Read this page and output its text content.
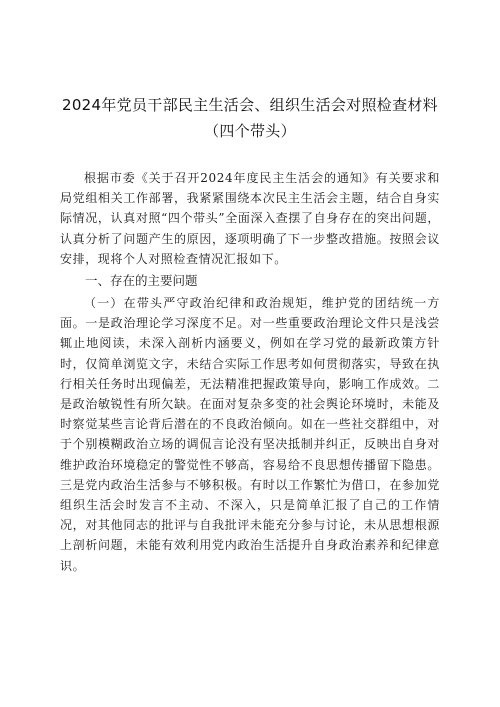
2024年党员干部民主生活会、组织生活会对照检查材料
（四个带头）

根据市委《关于召开2024年度民主生活会的通知》有关要求和局党组相关工作部署，我紧紧围绕本次民主生活会主题，结合自身实际情况，认真对照“四个带头”全面深入查摆了自身存在的突出问题，认真分析了问题产生的原因，逐项明确了下一步整改措施。按照会议安排，现将个人对照检查情况汇报如下。

一、存在的主要问题

（一）在带头严守政治纪律和政治规矩，维护党的团结统一方面。一是政治理论学习深度不足。对一些重要政治理论文件只是浅尝辄止地阅读，未深入剖析内涵要义，例如在学习党的最新政策方针时，仅简单浏览文字，未结合实际工作思考如何贯彻落实，导致在执行相关任务时出现偏差，无法精准把握政策导向，影响工作成效。二是政治敏锐性有所欠缺。在面对复杂多变的社会舆论环境时，未能及时察觉某些言论背后潜在的不良政治倾向。如在一些社交群组中，对于个别模糊政治立场的调侃言论没有坚决抵制并纠正，反映出自身对维护政治环境稳定的警觉性不够高，容易给不良思想传播留下隐患。三是党内政治生活参与不够积极。有时以工作繁忙为借口，在参加党组织生活会时发言不主动、不深入，只是简单汇报了自己的工作情况，对其他同志的批评与自我批评未能充分参与讨论，未从思想根源上剖析问题，未能有效利用党内政治生活提升自身政治素养和纪律意识。
